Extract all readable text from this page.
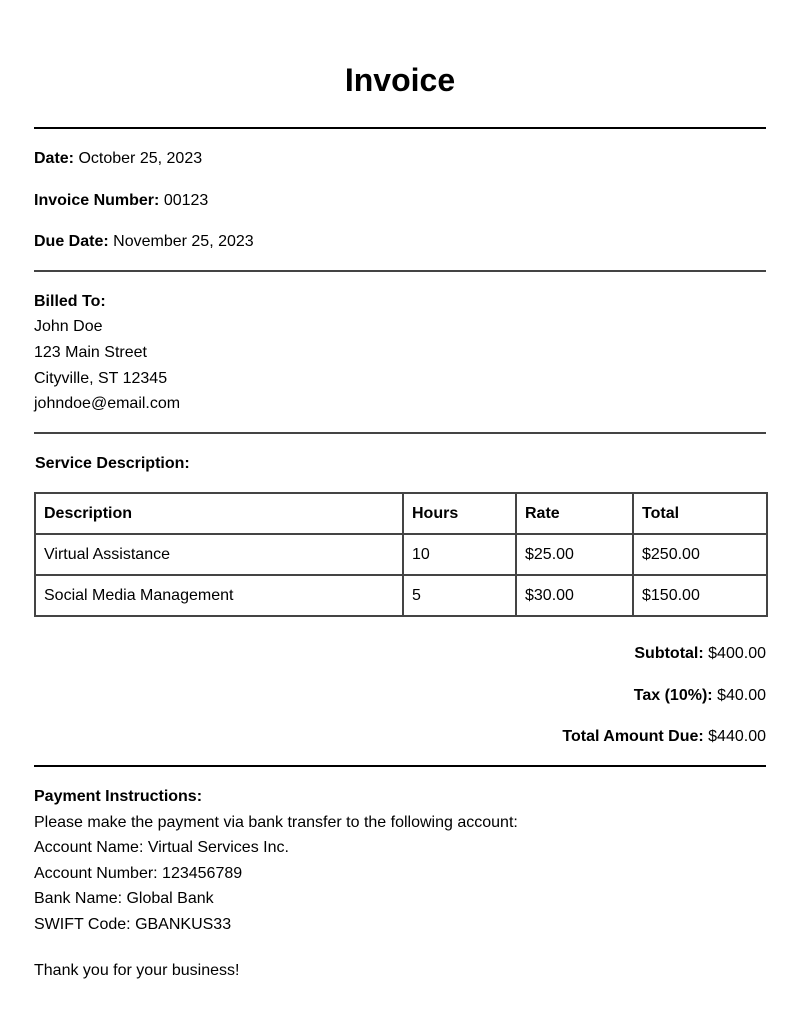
Invoice
Date: October 25, 2023
Invoice Number: 00123
Due Date: November 25, 2023
Billed To:
John Doe
123 Main Street
Cityville, ST 12345
johndoe@email.com
Service Description:
Description	Hours	Rate	Total
Virtual Assistance	10	$25.00	$250.00
Social Media Management	5	$30.00	$150.00
Subtotal: $400.00
Tax (10%): $40.00
Total Amount Due: $440.00
Payment Instructions:
Please make the payment via bank transfer to the following account:
Account Name: Virtual Services Inc.
Account Number: 123456789
Bank Name: Global Bank
SWIFT Code: GBANKUS33
Thank you for your business!
